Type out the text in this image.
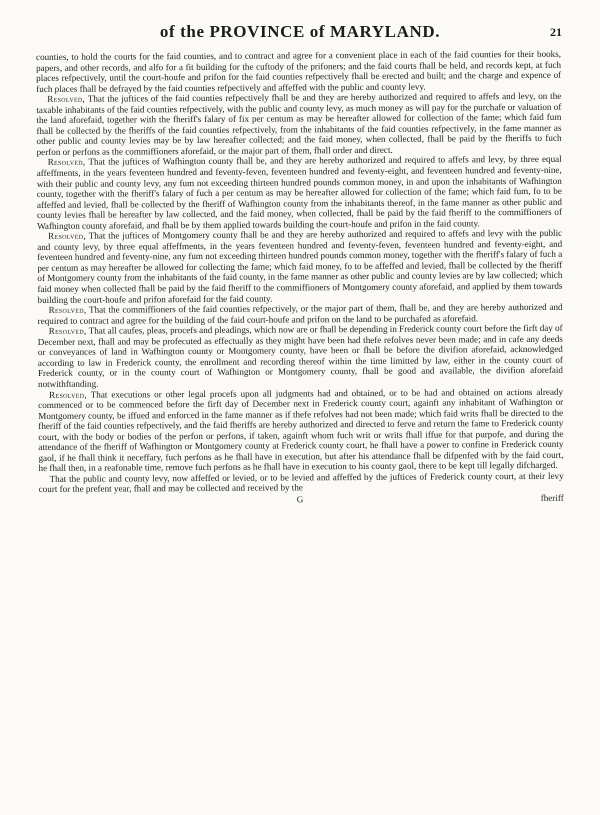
of the PROVINCE of MARYLAND.	21

counties, to hold the courts for the faid counties, and to contract and agree for a convenient place in each of the faid counties for their books, papers, and other records, and alfo for a fit building for the cuftody of the prifoners; and the faid courts fhall be held, and records kept, at fuch places refpectively, until the court-houfe and prifon for the faid counties refpectively fhall be erected and built; and the charge and expence of fuch places fhall be defrayed by the faid counties refpectively and affeffed with the public and county levy.

Resolved, That the juftices of the faid counties refpectively fhall be and they are hereby authorized and required to affefs and levy, on the taxable inhabitants of the faid counties refpectively, with the public and county levy, as much money as will pay for the purchafe or valuation of the land aforefaid, together with the fheriff's falary of fix per centum as may be hereafter allowed for collection of the fame; which faid fum fhall be collected by the fheriffs of the faid counties refpectively, from the inhabitants of the faid counties refpectively, in the fame manner as other public and county levies may be by law hereafter collected; and the faid money, when collected, fhall be paid by the fheriffs to fuch perfon or perfons as the commiffioners aforefaid, or the major part of them, fhall order and direct.

Resolved, That the juftices of Wafhington county fhall be, and they are hereby authorized and required to affefs and levy, by three equal affeffments, in the years feventeen hundred and feventy-feven, feventeen hundred and feventy-eight, and feventeen hundred and feventy-nine, with their public and county levy, any fum not exceeding thirteen hundred pounds common money, in and upon the inhabitants of Wafhington county, together with the fheriff's falary of fuch a per centum as may be hereafter allowed for collection of the fame; which faid fum, fo to be affeffed and levied, fhall be collected by the fheriff of Wafhington county from the inhabitants thereof, in the fame manner as other public and county levies fhall be hereafter by law collected, and the faid money, when collected, fhall be paid by the faid fheriff to the commiffioners of Wafhington county aforefaid, and fhall be by them applied towards building the court-houfe and prifon in the faid county.

Resolved, That the juftices of Montgomery county fhall be and they are hereby authorized and required to affefs and levy with the public and county levy, by three equal affeffments, in the years feventeen hundred and feventy-feven, feventeen hundred and feventy-eight, and feventeen hundred and feventy-nine, any fum not exceeding thirteen hundred pounds common money, together with the fheriff's falary of fuch a per centum as may hereafter be allowed for collecting the fame; which faid money, fo to be affeffed and levied, fhall be collected by the fheriff of Montgomery county from the inhabitants of the faid county, in the fame manner as other public and county levies are by law collected; which faid money when collected fhall be paid by the faid fheriff to the commiffioners of Montgomery county aforefaid, and applied by them towards building the court-houfe and prifon aforefaid for the faid county.

Resolved, That the commiffioners of the faid counties refpectively, or the major part of them, fhall be, and they are hereby authorized and required to contract and agree for the building of the faid court-houfe and prifon on the land to be purchafed as aforefaid.

Resolved, That all caufes, pleas, procefs and pleadings, which now are or fhall be depending in Frederick county court before the firft day of December next, fhall and may be profecuted as effectually as they might have been had thefe refolves never been made; and in cafe any deeds or conveyances of land in Wafhington county or Montgomery county, have been or fhall be before the divifion aforefaid, acknowledged according to law in Frederick county, the enrollment and recording thereof within the time limitted by law, either in the county court of Frederick county, or in the county court of Wafhington or Montgomery county, fhall be good and available, the divifion aforefaid notwithftanding.

Resolved, That executions or other legal procefs upon all judgments had and obtained, or to be had and obtained on actions already commenced or to be commenced before the firft day of December next in Frederick county court, againft any inhabitant of Wafhington or Montgomery county, be iffued and enforced in the fame manner as if thefe refolves had not been made; which faid writs fhall be directed to the fheriff of the faid counties refpectively, and the faid fheriffs are hereby authorized and directed to ferve and return the fame to Frederick county court, with the body or bodies of the perfon or perfons, if taken, againft whom fuch writ or writs fhall iffue for that purpofe, and during the attendance of the fheriff of Wafhington or Montgomery county at Frederick county court, he fhall have a power to confine in Frederick county gaol, if he fhall think it neceffary, fuch perfons as he fhall have in execution, but after his attendance fhall be difpenfed with by the faid court, he fhall then, in a reafonable time, remove fuch perfons as he fhall have in execution to his county gaol, there to be kept till legally difcharged.

That the public and county levy, now affeffed or levied, or to be levied and affeffed by the juftices of Frederick county court, at their levy court for the prefent year, fhall and may be collected and received by the

G	fheriff
